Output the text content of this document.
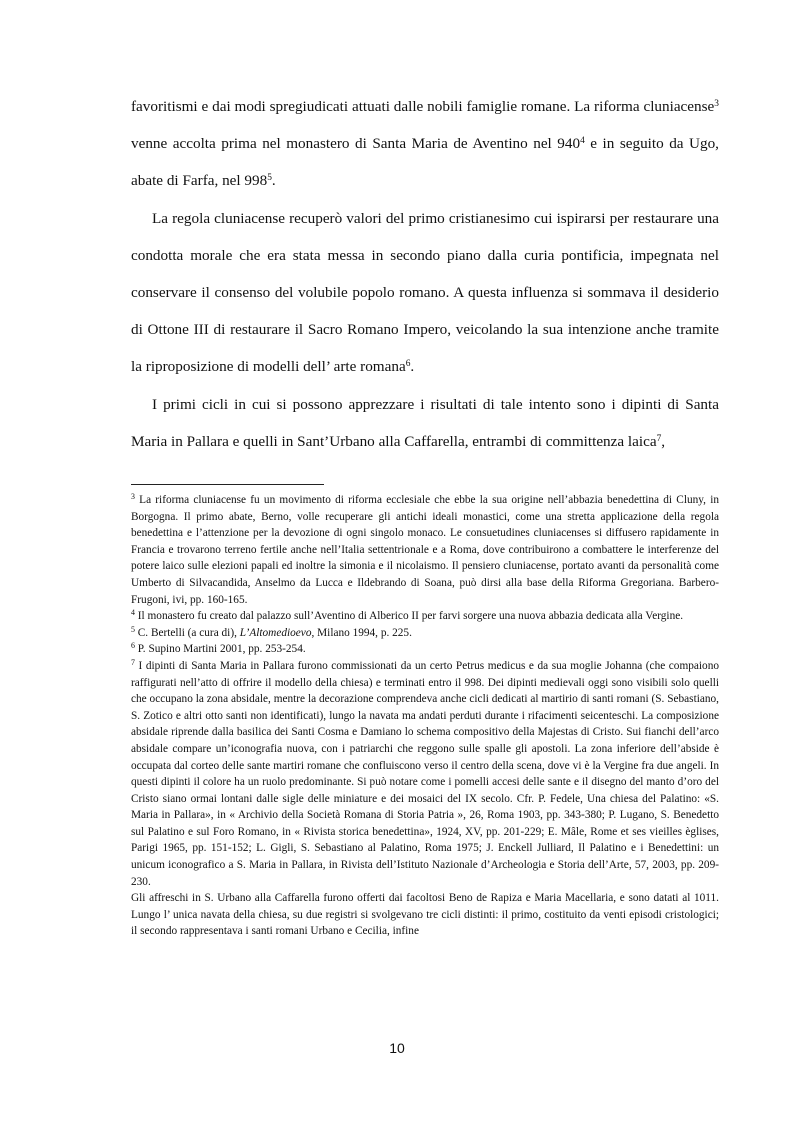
favoritismi e dai modi spregiudicati attuati dalle nobili famiglie romane. La riforma cluniacense$^3$ venne accolta prima nel monastero di Santa Maria de Aventino nel $940^4$ e in seguito da Ugo, abate di Farfa, nel $998^5$.

La regola cluniacense recuperò valori del primo cristianesimo cui ispirarsi per restaurare una condotta morale che era stata messa in secondo piano dalla curia pontificia, impegnata nel conservare il consenso del volubile popolo romano. A questa influenza si sommava il desiderio di Ottone III di restaurare il Sacro Romano Impero, veicolando la sua intenzione anche tramite la riproposizione di modelli dell’ arte romana$^6$.

I primi cicli in cui si possono apprezzare i risultati di tale intento sono i dipinti di Santa Maria in Pallara e quelli in Sant’Urbano alla Caffarella, entrambi di committenza laica$^7$,

$^3$ La riforma cluniacense fu un movimento di riforma ecclesiale che ebbe la sua origine nell’abbazia benedettina di Cluny, in Borgogna. Il primo abate, Berno, volle recuperare gli antichi ideali monastici, come una stretta applicazione della regola benedettina e l’attenzione per la devozione di ogni singolo monaco. Le consuetudines cluniacenses si diffusero rapidamente in Francia e trovarono terreno fertile anche nell’Italia settentrionale e a Roma, dove contribuirono a combattere le interferenze del potere laico sulle elezioni papali ed inoltre la simonia e il nicolaismo. Il pensiero cluniacense, portato avanti da personalità come Umberto di Silvacandida, Anselmo da Lucca e Ildebrando di Soana, può dirsi alla base della Riforma Gregoriana. Barbero-Frugoni, ivi, pp. 160-165.

$^4$ Il monastero fu creato dal palazzo sull’Aventino di Alberico II per farvi sorgere una nuova abbazia dedicata alla Vergine.

$^5$ C. Bertelli (a cura di), L’Altomedioevo, Milano 1994, p. 225.

$^6$ P. Supino Martini 2001, pp. 253-254.

$^7$ I dipinti di Santa Maria in Pallara furono commissionati da un certo Petrus medicus e da sua moglie Johanna (che compaiono raffigurati nell’atto di offrire il modello della chiesa) e terminati entro il 998. Dei dipinti medievali oggi sono visibili solo quelli che occupano la zona absidale, mentre la decorazione comprendeva anche cicli dedicati al martirio di santi romani (S. Sebastiano, S. Zotico e altri otto santi non identificati), lungo la navata ma andati perduti durante i rifacimenti seicenteschi. La composizione absidale riprende dalla basilica dei Santi Cosma e Damiano lo schema compositivo della Majestas di Cristo. Sui fianchi dell’arco absidale compare un’iconografia nuova, con i patriarchi che reggono sulle spalle gli apostoli. La zona inferiore dell’abside è occupata dal corteo delle sante martiri romane che confluiscono verso il centro della scena, dove vi è la Vergine fra due angeli. In questi dipinti il colore ha un ruolo predominante. Si può notare come i pomelli accesi delle sante e il disegno del manto d’oro del Cristo siano ormai lontani dalle sigle delle miniature e dei mosaici del IX secolo. Cfr. P. Fedele, Una chiesa del Palatino: «S. Maria in Pallara», in « Archivio della Società Romana di Storia Patria », 26, Roma 1903, pp. 343-380; P. Lugano, S. Benedetto sul Palatino e sul Foro Romano, in « Rivista storica benedettina», 1924, XV, pp. 201-229; E. Mâle, Rome et ses vieilles èglises, Parigi 1965, pp. 151-152; L. Gigli, S. Sebastiano al Palatino, Roma 1975; J. Enckell Julliard, Il Palatino e i Benedettini: un unicum iconografico a S. Maria in Pallara, in Rivista dell’Istituto Nazionale d’Archeologia e Storia dell’Arte, 57, 2003, pp. 209-230.

Gli affreschi in S. Urbano alla Caffarella furono offerti dai facoltosi Beno de Rapiza e Maria Macellaria, e sono datati al 1011. Lungo l’ unica navata della chiesa, su due registri si svolgevano tre cicli distinti: il primo, costituito da venti episodi cristologici; il secondo rappresentava i santi romani Urbano e Cecilia, infine

10
